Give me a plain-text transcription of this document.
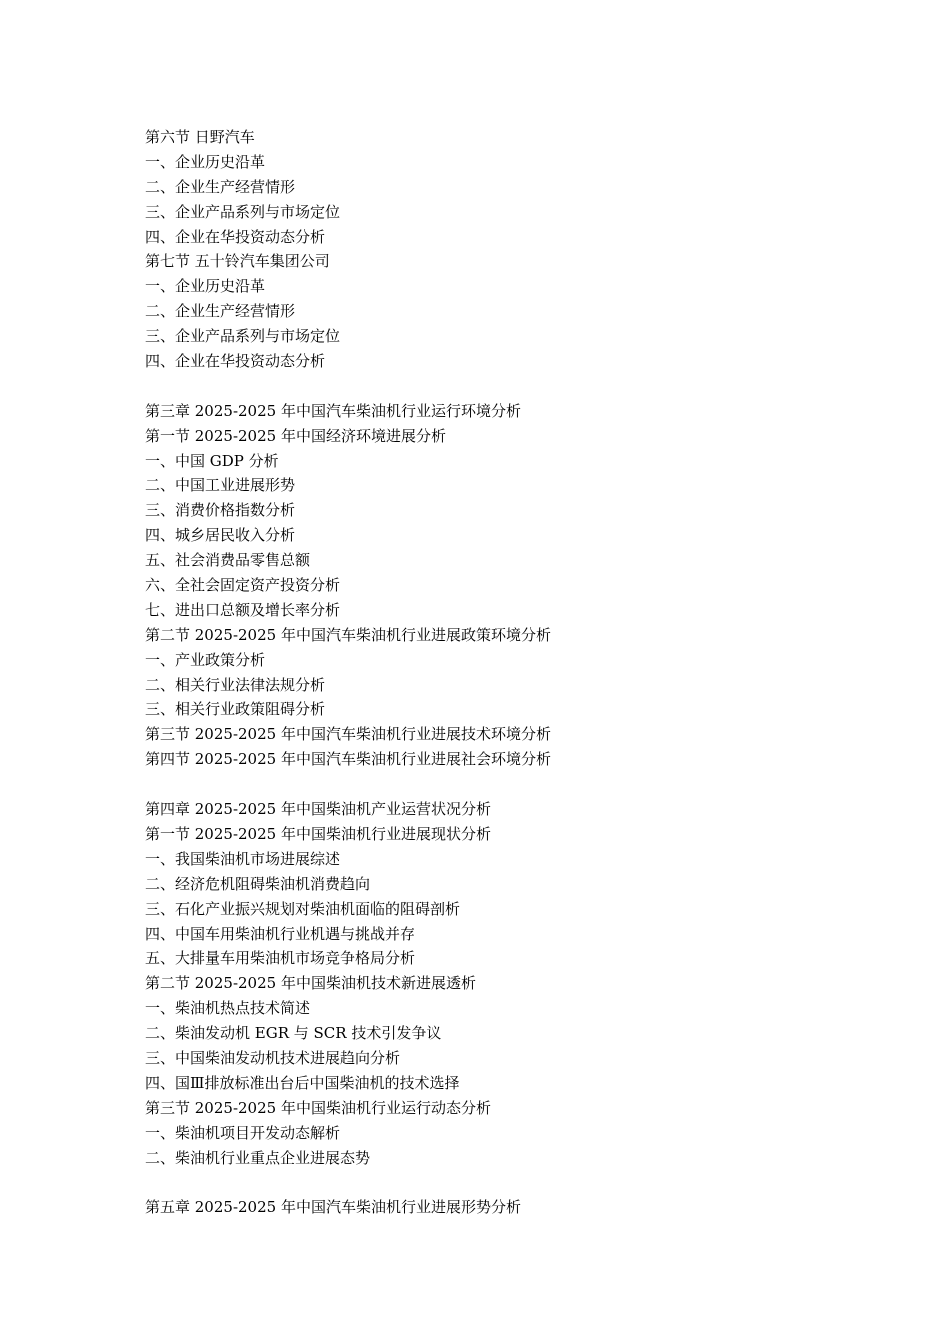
第六节 日野汽车
一、企业历史沿革
二、企业生产经营情形
三、企业产品系列与市场定位
四、企业在华投资动态分析
第七节 五十铃汽车集团公司
一、企业历史沿革
二、企业生产经营情形
三、企业产品系列与市场定位
四、企业在华投资动态分析
第三章 2025-2025 年中国汽车柴油机行业运行环境分析
第一节 2025-2025 年中国经济环境进展分析
一、中国 GDP 分析
二、中国工业进展形势
三、消费价格指数分析
四、城乡居民收入分析
五、社会消费品零售总额
六、全社会固定资产投资分析
七、进出口总额及增长率分析
第二节 2025-2025 年中国汽车柴油机行业进展政策环境分析
一、产业政策分析
二、相关行业法律法规分析
三、相关行业政策阻碍分析
第三节 2025-2025 年中国汽车柴油机行业进展技术环境分析
第四节 2025-2025 年中国汽车柴油机行业进展社会环境分析
第四章 2025-2025 年中国柴油机产业运营状况分析
第一节 2025-2025 年中国柴油机行业进展现状分析
一、我国柴油机市场进展综述
二、经济危机阻碍柴油机消费趋向
三、石化产业振兴规划对柴油机面临的阻碍剖析
四、中国车用柴油机行业机遇与挑战并存
五、大排量车用柴油机市场竞争格局分析
第二节 2025-2025 年中国柴油机技术新进展透析
一、柴油机热点技术简述
二、柴油发动机 EGR 与 SCR 技术引发争议
三、中国柴油发动机技术进展趋向分析
四、国Ⅲ排放标准出台后中国柴油机的技术选择
第三节 2025-2025 年中国柴油机行业运行动态分析
一、柴油机项目开发动态解析
二、柴油机行业重点企业进展态势
第五章 2025-2025 年中国汽车柴油机行业进展形势分析
